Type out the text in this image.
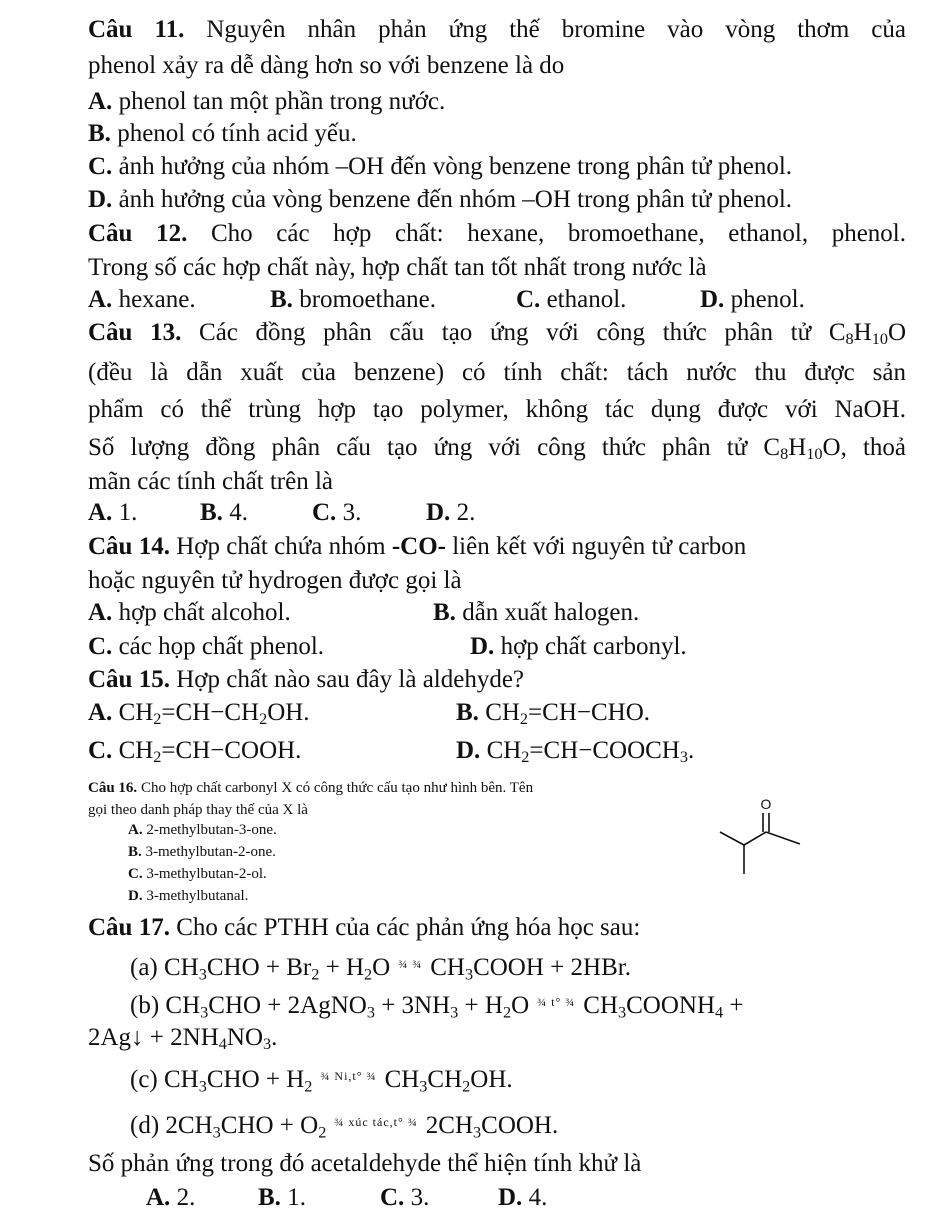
Câu 11. Nguyên nhân phản ứng thế bromine vào vòng thơm của
phenol xảy ra dễ dàng hơn so với benzene là do
A. phenol tan một phần trong nước.
B. phenol có tính acid yếu.
C. ảnh hưởng của nhóm –OH đến vòng benzene trong phân tử phenol.
D. ảnh hưởng của vòng benzene đến nhóm –OH trong phân tử phenol.
Câu 12. Cho các hợp chất: hexane, bromoethane, ethanol, phenol.
Trong số các hợp chất này, hợp chất tan tốt nhất trong nước là
A. hexane.	B. bromoethane.	C. ethanol.	D. phenol.
Câu 13. Các đồng phân cấu tạo ứng với công thức phân tử $C_8H_{10}O$
(đều là dẫn xuất của benzene) có tính chất: tách nước thu được sản
phẩm có thể trùng hợp tạo polymer, không tác dụng được với NaOH.
Số lượng đồng phân cấu tạo ứng với công thức phân tử $C_8H_{10}O$, thoả
mãn các tính chất trên là
A. 1.	B. 4.	C. 3.	D. 2.
Câu 14. Hợp chất chứa nhóm -CO- liên kết với nguyên tử carbon
hoặc nguyên tử hydrogen được gọi là
A. hợp chất alcohol.	B. dẫn xuất halogen.
C. các họp chất phenol.	D. hợp chất carbonyl.
Câu 15. Hợp chất nào sau đây là aldehyde?
A. $CH_2=CH-CH_2OH$.	B. $CH_2=CH-CHO$.
C. $CH_2=CH-COOH$.	D. $CH_2=CH-COOCH_3$.
Câu 16. Cho hợp chất carbonyl X có công thức cấu tạo như hình bên. Tên
gọi theo danh pháp thay thế của X là
A. 2-methylbutan-3-one.
B. 3-methylbutan-2-one.
C. 3-methylbutan-2-ol.
D. 3-methylbutanal.
O
Câu 17. Cho các PTHH của các phản ứng hóa học sau:
(a) $CH_3CHO + Br_2 + H_2O$ $^{\frac{3}{4} \frac{3}{4}}$ $CH_3COOH + 2HBr$.
(b) $CH_3CHO$ + 2AgNO$_3$ + $3NH_3 + H_2O$ $^{\frac{3}{4} t^\circ \frac{3}{4}}$ $CH_3COONH_4$ +
2Ag↓ + $2NH_4NO_3$.
(c) $CH_3CHO + H_2^{\frac{3}{4} Ni,t^\circ \frac{3}{4}}$ $CH_3CH_2OH$.
(d) $2CH_3CHO + O_2^{\frac{3}{4} xúc tác,t^\circ \frac{3}{4}}$ $2CH_3COOH$.
Số phản ứng trong đó acetaldehyde thể hiện tính khử là
A. 2.	B. 1.	C. 3.	D. 4.
